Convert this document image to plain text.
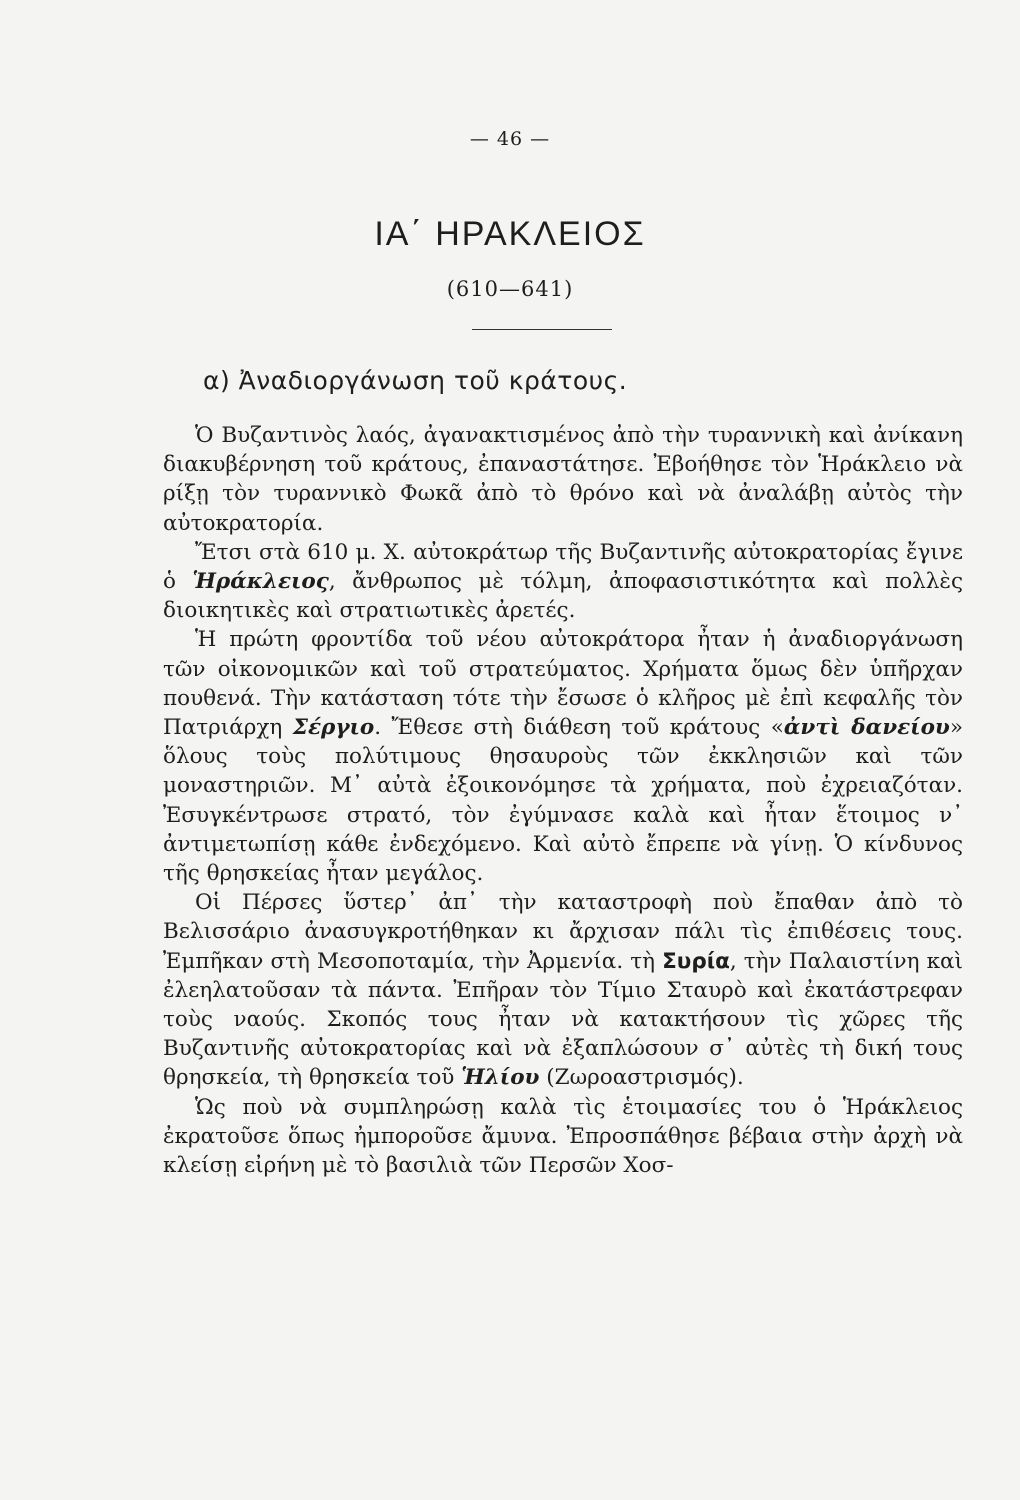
— 46 —
ΙΑ΄ ΗΡΑΚΛΕΙΟΣ
(610—641)
α) Ἀναδιοργάνωση τοῦ κράτους.

Ὁ Βυζαντινὸς λαός, ἀγανακτισμένος ἀπὸ τὴν τυραννικὴ καὶ ἀνίκανη διακυβέρνηση τοῦ κράτους, ἐπαναστάτησε. Ἐβοήθησε τὸν Ἡράκλειο νὰ ρίξῃ τὸν τυραννικὸ Φωκᾶ ἀπὸ τὸ θρόνο καὶ νὰ ἀναλάβῃ αὐτὸς τὴν αὐτοκρατορία.

Ἔτσι στὰ 610 μ. Χ. αὐτοκράτωρ τῆς Βυζαντινῆς αὐτοκρατορίας ἔγινε ὁ Ἡράκλειος, ἄνθρωπος μὲ τόλμη, ἀποφασιστικότητα καὶ πολλὲς διοικητικὲς καὶ στρατιωτικὲς ἀρετές.

Ἡ πρώτη φροντίδα τοῦ νέου αὐτοκράτορα ἦταν ἡ ἀναδιοργάνωση τῶν οἰκονομικῶν καὶ τοῦ στρατεύματος. Χρήματα ὅμως δὲν ὑπῆρχαν πουθενά. Τὴν κατάσταση τότε τὴν ἔσωσε ὁ κλῆρος μὲ ἐπὶ κεφαλῆς τὸν Πατριάρχη Σέργιο. Ἔθεσε στὴ διάθεση τοῦ κράτους «ἀντὶ δανείου» ὅλους τοὺς πολύτιμους θησαυροὺς τῶν ἐκκλησιῶν καὶ τῶν μοναστηριῶν. Μ᾿ αὐτὰ ἐξοικονόμησε τὰ χρήματα, ποὺ ἐχρειαζόταν. Ἐσυγκέντρωσε στρατό, τὸν ἐγύμνασε καλὰ καὶ ἦταν ἕτοιμος ν᾿ ἀντιμετωπίσῃ κάθε ἐνδεχόμενο. Καὶ αὐτὸ ἔπρεπε νὰ γίνῃ. Ὁ κίνδυνος τῆς θρησκείας ἦταν μεγάλος.

Οἱ Πέρσες ὕστερ᾿ ἀπ᾿ τὴν καταστροφὴ ποὺ ἔπαθαν ἀπὸ τὸ Βελισσάριο ἀνασυγκροτήθηκαν κι ἄρχισαν πάλι τὶς ἐπιθέσεις τους. Ἐμπῆκαν στὴ Μεσοποταμία, τὴν Ἀρμενία. τὴ Συρία, τὴν Παλαιστίνη καὶ ἐλεηλατοῦσαν τὰ πάντα. Ἐπῆραν τὸν Τίμιο Σταυρὸ καὶ ἐκατάστρεφαν τοὺς ναούς. Σκοπός τους ἦταν νὰ κατακτήσουν τὶς χῶρες τῆς Βυζαντινῆς αὐτοκρατορίας καὶ νὰ ἐξαπλώσουν σ᾿ αὐτὲς τὴ δική τους θρησκεία, τὴ θρησκεία τοῦ Ἡλίου (Ζωροαστρισμός).

Ὡς ποὺ νὰ συμπληρώσῃ καλὰ τὶς ἑτοιμασίες του ὁ Ἡράκλειος ἐκρατοῦσε ὅπως ἠμποροῦσε ἄμυνα. Ἐπροσπάθησε βέβαια στὴν ἀρχὴ νὰ κλείσῃ εἰρήνη μὲ τὸ βασιλιὰ τῶν Περσῶν Χοσ-
